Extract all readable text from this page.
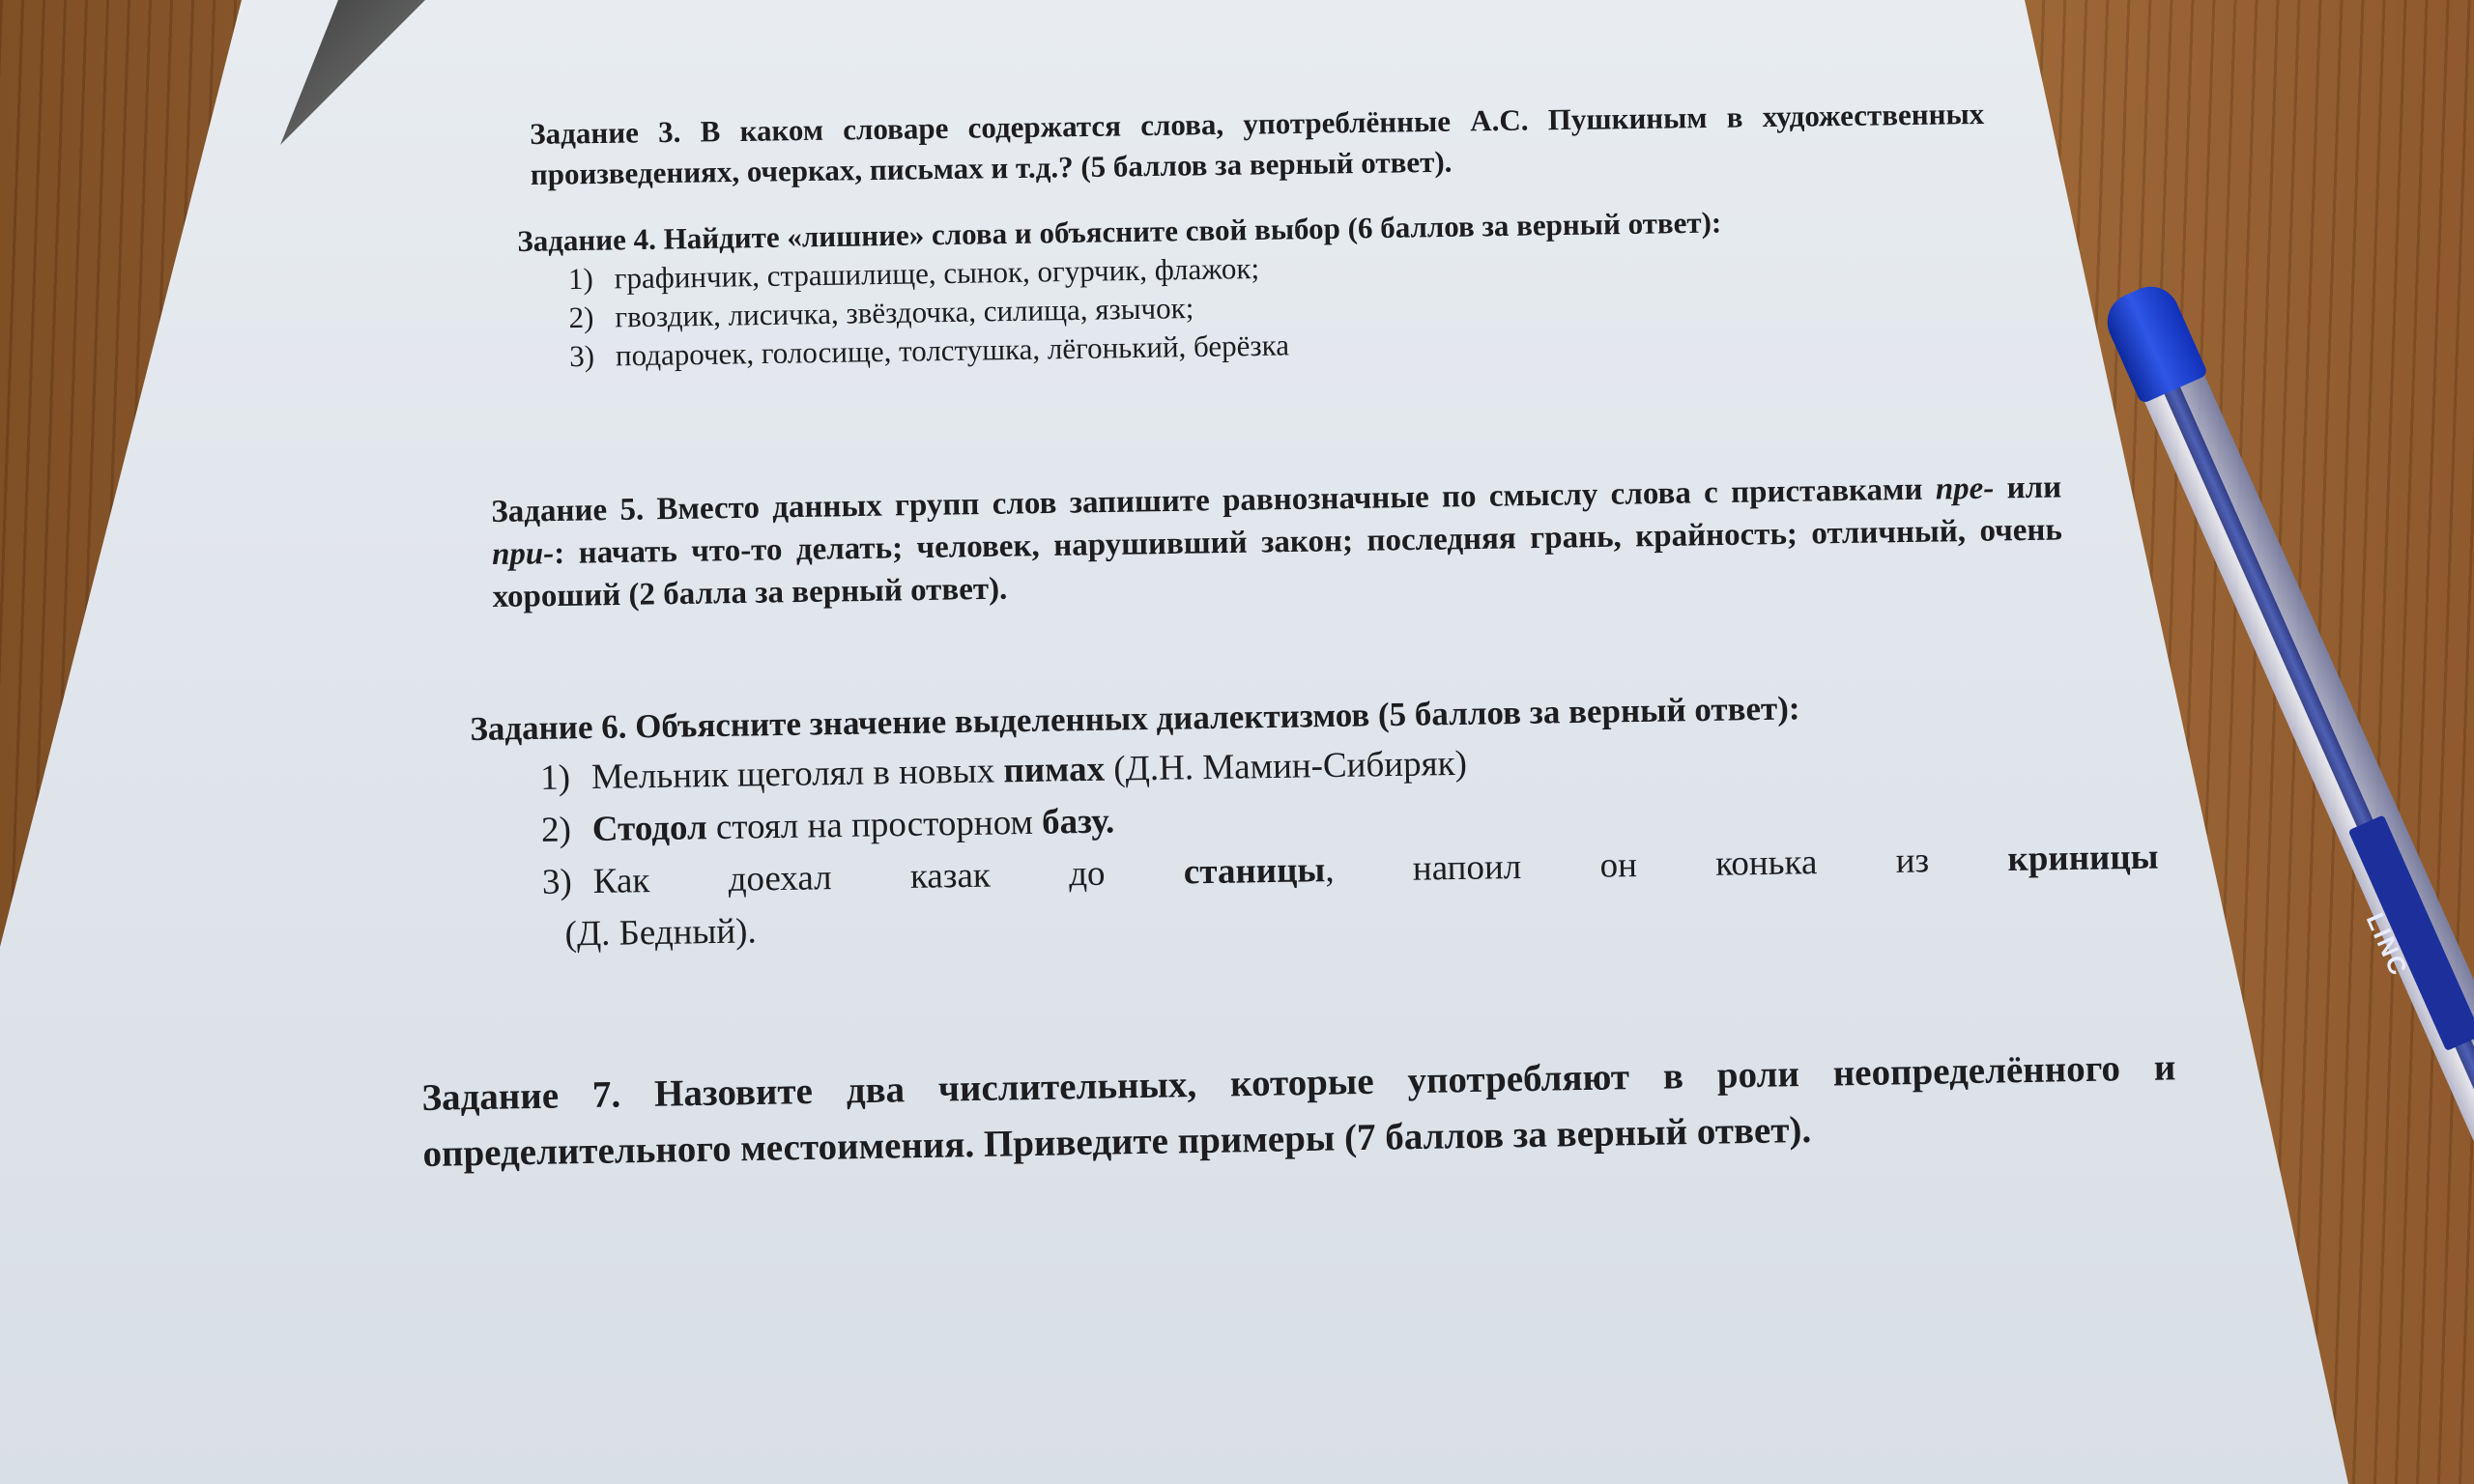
Задание 3. В каком словаре содержатся слова, употреблённые А.С. Пушкиным в художественных произведениях, очерках, письмах и т.д.? (5 баллов за верный ответ).
Задание 4. Найдите «лишние» слова и объясните свой выбор (6 баллов за верный ответ):
1) графинчик, страшилище, сынок, огурчик, флажок;
2) гвоздик, лисичка, звёздочка, силища, язычок;
3) подарочек, голосище, толстушка, лёгонький, берёзка
Задание 5. Вместо данных групп слов запишите равнозначные по смыслу слова с приставками пре- или при-: начать что-то делать; человек, нарушивший закон; последняя грань, крайность; отличный, очень хороший (2 балла за верный ответ).
Задание 6. Объясните значение выделенных диалектизмов (5 баллов за верный ответ):
1) Мельник щеголял в новых пимах (Д.Н. Мамин-Сибиряк)
2) Стодол стоял на просторном базу.
3) Как доехал казак до станицы, напоил он конька из криницы
(Д. Бедный).
Задание 7. Назовите два числительных, которые употребляют в роли неопределённого и определительного местоимения. Приведите примеры (7 баллов за верный ответ).
LINC
